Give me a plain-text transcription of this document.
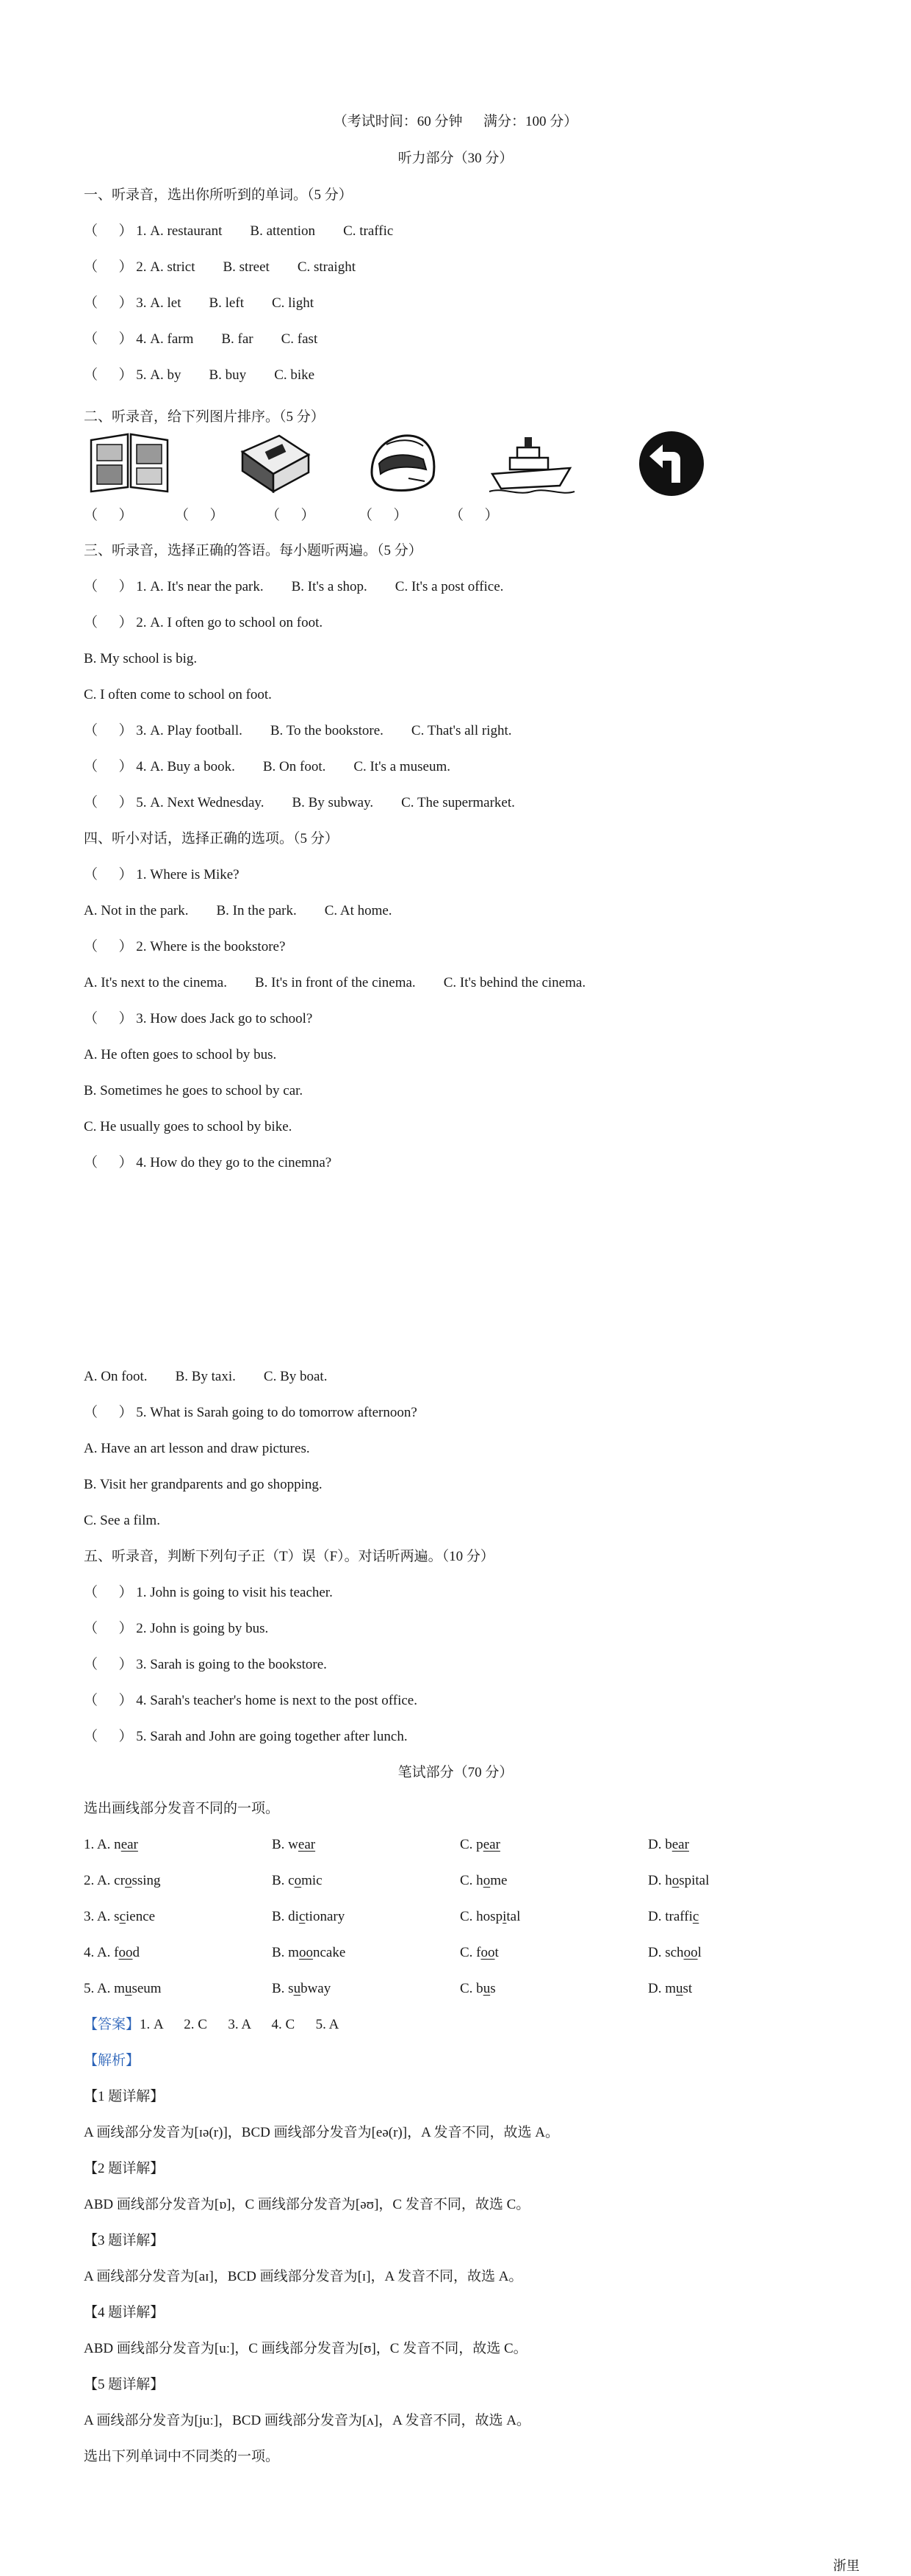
（考试时间：60 分钟      满分：100 分）
听力部分（30 分）
一、听录音，选出你所听到的单词。（5 分）
（      ） 1. A. restaurant B. attention C. traffic
（      ） 2. A. strict B. street C. straight
（      ） 3. A. let B. left C. light
（      ） 4. A. farm B. far C. fast
（      ） 5. A. by B. buy C. bike
二、听录音，给下列图片排序。（5 分）
（      ）	（      ）	（      ）	（      ）	（      ）
三、听录音，选择正确的答语。每小题听两遍。（5 分）
（      ） 1. A. It's near the park. B. It's a shop. C. It's a post office.
（      ） 2. A. I often go to school on foot.
B. My school is big.
C. I often come to school on foot.
（      ） 3. A. Play football. B. To the bookstore. C. That's all right.
（      ） 4. A. Buy a book. B. On foot. C. It's a museum.
（      ） 5. A. Next Wednesday. B. By subway. C. The supermarket.
四、听小对话，选择正确的选项。（5 分）
（      ） 1. Where is Mike?
A. Not in the park. B. In the park. C. At home.
（      ） 2. Where is the bookstore?
A. It's next to the cinema. B. It's in front of the cinema. C. It's behind the cinema.
（      ） 3. How does Jack go to school?
A. He often goes to school by bus.
B. Sometimes he goes to school by car.
C. He usually goes to school by bike.
（      ） 4. How do they go to the cinemna?
A. On foot. B. By taxi. C. By boat.
（      ） 5. What is Sarah going to do tomorrow afternoon?
A. Have an art lesson and draw pictures.
B. Visit her grandparents and go shopping.
C. See a film.
五、听录音，判断下列句子正（T）误（F）。对话听两遍。（10 分）
（      ） 1. John is going to visit his teacher.
（      ） 2. John is going by bus.
（      ） 3. Sarah is going to the bookstore.
（      ） 4. Sarah's teacher's home is next to the post office.
（      ） 5. Sarah and John are going together after lunch.
笔试部分（70 分）
选出画线部分发音不同的一项。
1. A. near	B. wear	C. pear	D. bear
2. A. crossing	B. comic	C. home	D. hospital
3. A. science	B. dictionary	C. hospital	D. traffic
4. A. food	B. mooncake	C. foot	D. school
5. A. museum	B. subway	C. bus	D. must
【答案】1. A      2. C      3. A      4. C      5. A
【解析】
【1 题详解】
A 画线部分发音为[ɪə(r)]，BCD 画线部分发音为[eə(r)]，A 发音不同，故选 A。
【2 题详解】
ABD 画线部分发音为[ɒ]，C 画线部分发音为[əʊ]，C 发音不同，故选 C。
【3 题详解】
A 画线部分发音为[aɪ]，BCD 画线部分发音为[ɪ]，A 发音不同，故选 A。
【4 题详解】
ABD 画线部分发音为[uː]，C 画线部分发音为[ʊ]，C 发音不同，故选 C。
【5 题详解】
A 画线部分发音为[juː]，BCD 画线部分发音为[ʌ]，A 发音不同，故选 A。
选出下列单词中不同类的一项。
浙里
